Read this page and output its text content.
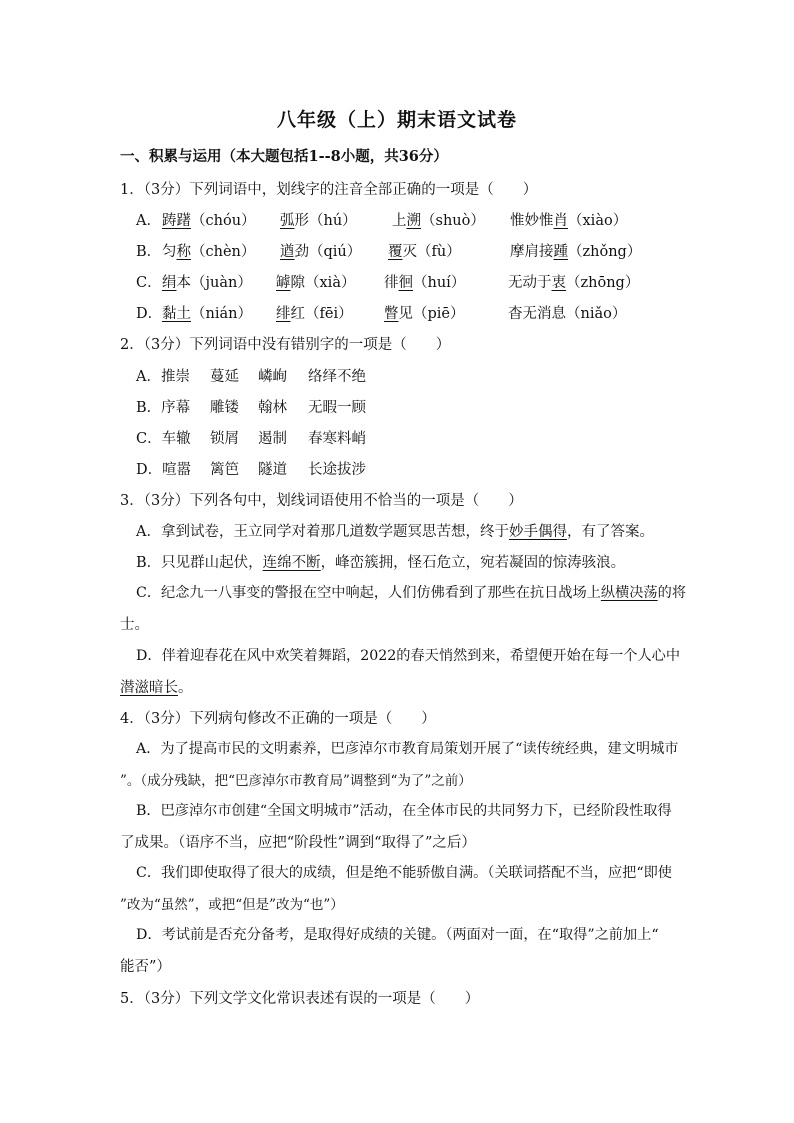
八年级（上）期末语文试卷
一、积累与运用（本大题包括1--8小题，共36分）
1．（3分）下列词语中，划线字的注音全部正确的一项是（　　）
A． 踌躇（chóu） 弧形（hú） 上溯（shuò） 惟妙惟肖（xiào）
B． 匀称（chèn） 遒劲（qiú） 覆灭（fù）	摩肩接踵（zhǒng）
C． 绢本（juàn） 罅隙（xià） 徘徊（huí）	无动于衷（zhōng）
D． 黏土（nián） 绯红（fēi） 瞥见（piē）	杳无消息（niǎo）
2．（3分）下列词语中没有错别字的一项是（　　）
A．推崇 蔓延 嶙峋 络绎不绝
B．序幕 雕镂 翰林 无暇一顾
C．车辙 锁屑 遏制 春寒料峭
D．喧嚣 篱笆 隧道 长途拔涉
3．（3分）下列各句中，划线词语使用不恰当的一项是（　　）
A．拿到试卷，王立同学对着那几道数学题冥思苦想，终于妙手偶得，有了答案。
B．只见群山起伏，连绵不断，峰峦簇拥，怪石危立，宛若凝固的惊涛骇浪。
C．纪念九一八事变的警报在空中响起，人们仿佛看到了那些在抗日战场上纵横决荡的将
士。
D．伴着迎春花在风中欢笑着舞蹈，2022的春天悄然到来，希望便开始在每一个人心中
潜滋暗长。
4．（3分）下列病句修改不正确的一项是（　　）
A．为了提高市民的文明素养，巴彦淖尔市教育局策划开展了“读传统经典，建文明城市
”。（成分残缺，把“巴彦淖尔市教育局”调整到“为了”之前）
B．巴彦淖尔市创建“全国文明城市”活动，在全体市民的共同努力下，已经阶段性取得
了成果。（语序不当，应把“阶段性”调到“取得了”之后）
C．我们即使取得了很大的成绩，但是绝不能骄傲自满。（关联词搭配不当，应把“即使
”改为“虽然”，或把“但是”改为“也”）
D．考试前是否充分备考，是取得好成绩的关键。（两面对一面，在“取得”之前加上“
能否”）
5．（3分）下列文学文化常识表述有误的一项是（　　）
